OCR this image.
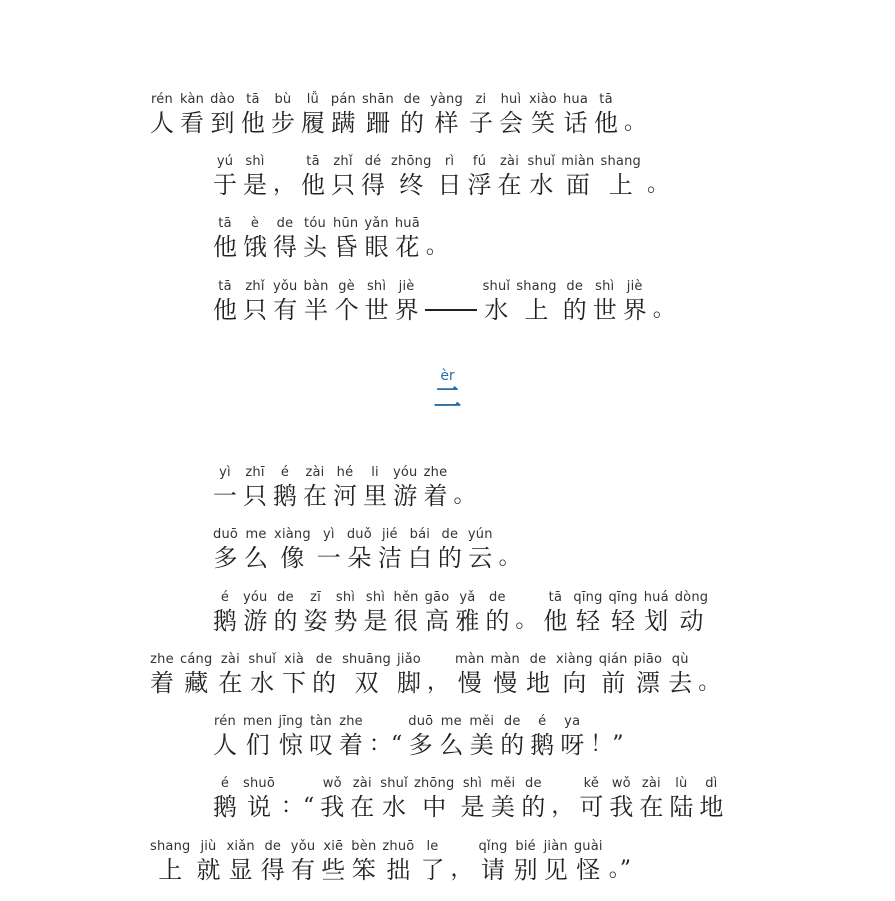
rén
人
kàn
看
dào
到
tā
他
bù
步
lǚ
履
pán
蹒
shān
跚
de
的
yàng
样
zi
子
huì
会
xiào
笑
hua
话
tā
他 。
yú
于
shì
是 ，
tā
他
zhǐ
只
dé
得
zhōng
终
rì
日
fú
浮
zài
在
shuǐ
水
miàn
面
shang
上 。
tā
他
è
饿
de
得
tóu
头
hūn
昏
yǎn
眼
huā
花 。
tā
他
zhǐ
只
yǒu
有
bàn
半
gè
个
shì
世
jiè
界
shuǐ
水
shang
上
de
的
shì
世
jiè
界 。
èr
二
yì
一
zhī
只
é
鹅
zài
在
hé
河
li
里
yóu
游
zhe
着 。
duō
多
me
么
xiàng
像
yì
一
duǒ
朵
jié
洁
bái
白
de
的
yún
云 。
é
鹅
yóu
游
de
的
zī
姿
shì
势
shì
是
hěn
很
gāo
高
yǎ
雅
de
的 。
tā
他
qīng
轻
qīng
轻
huá
划
dòng
动
zhe
着
cáng
藏
zài
在
shuǐ
水
xià
下
de
的
shuāng
双
jiǎo
脚 ，
màn
慢
màn
慢
de
地
xiàng
向
qián
前
piāo
漂
qù
去 。
rén
人
men
们
jīng
惊
tàn
叹
zhe
着 ：“
duō
多
me
么
měi
美
de
的
é
鹅
ya
呀 ！”
é
鹅
shuō
说 ：“
wǒ
我
zài
在
shuǐ
水
zhōng
中
shì
是
měi
美
de
的 ，
kě
可
wǒ
我
zài
在
lù
陆
dì
地
shang
上
jiù
就
xiǎn
显
de
得
yǒu
有
xiē
些
bèn
笨
zhuō
拙
le
了 ，
qǐng
请
bié
别
jiàn
见
guài
怪 。”
